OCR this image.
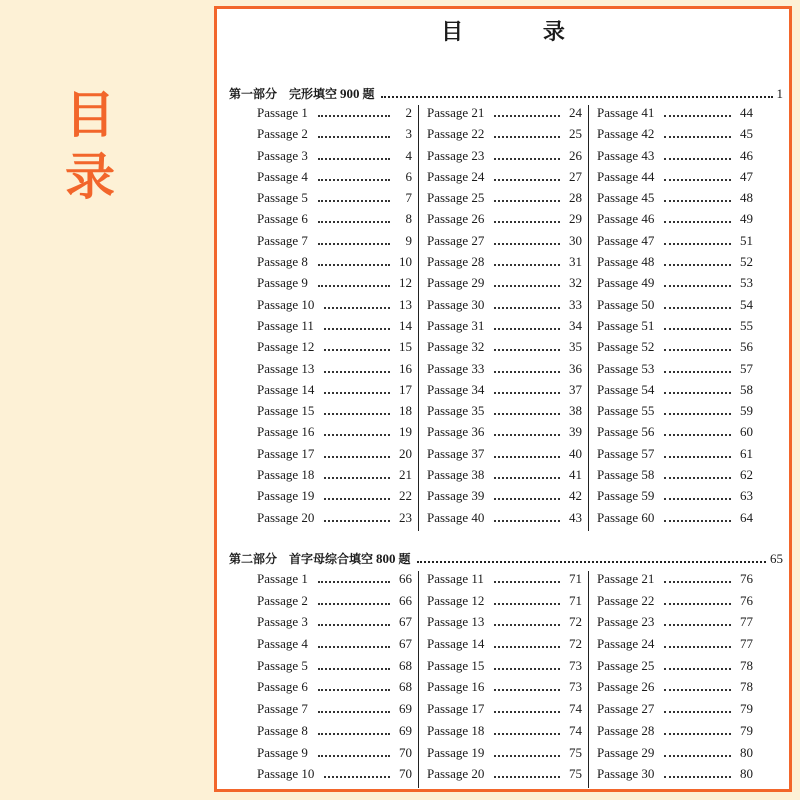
目
录
目 录
第一部分　完形填空 900 题	1
Passage 1	2
Passage 2	3
Passage 3	4
Passage 4	6
Passage 5	7
Passage 6	8
Passage 7	9
Passage 8	10
Passage 9	12
Passage 10	13
Passage 11	14
Passage 12	15
Passage 13	16
Passage 14	17
Passage 15	18
Passage 16	19
Passage 17	20
Passage 18	21
Passage 19	22
Passage 20	23
Passage 21	24
Passage 22	25
Passage 23	26
Passage 24	27
Passage 25	28
Passage 26	29
Passage 27	30
Passage 28	31
Passage 29	32
Passage 30	33
Passage 31	34
Passage 32	35
Passage 33	36
Passage 34	37
Passage 35	38
Passage 36	39
Passage 37	40
Passage 38	41
Passage 39	42
Passage 40	43
Passage 41	44
Passage 42	45
Passage 43	46
Passage 44	47
Passage 45	48
Passage 46	49
Passage 47	51
Passage 48	52
Passage 49	53
Passage 50	54
Passage 51	55
Passage 52	56
Passage 53	57
Passage 54	58
Passage 55	59
Passage 56	60
Passage 57	61
Passage 58	62
Passage 59	63
Passage 60	64
第二部分　首字母综合填空 800 题	65
Passage 1	66
Passage 2	66
Passage 3	67
Passage 4	67
Passage 5	68
Passage 6	68
Passage 7	69
Passage 8	69
Passage 9	70
Passage 10	70
Passage 11	71
Passage 12	71
Passage 13	72
Passage 14	72
Passage 15	73
Passage 16	73
Passage 17	74
Passage 18	74
Passage 19	75
Passage 20	75
Passage 21	76
Passage 22	76
Passage 23	77
Passage 24	77
Passage 25	78
Passage 26	78
Passage 27	79
Passage 28	79
Passage 29	80
Passage 30	80
